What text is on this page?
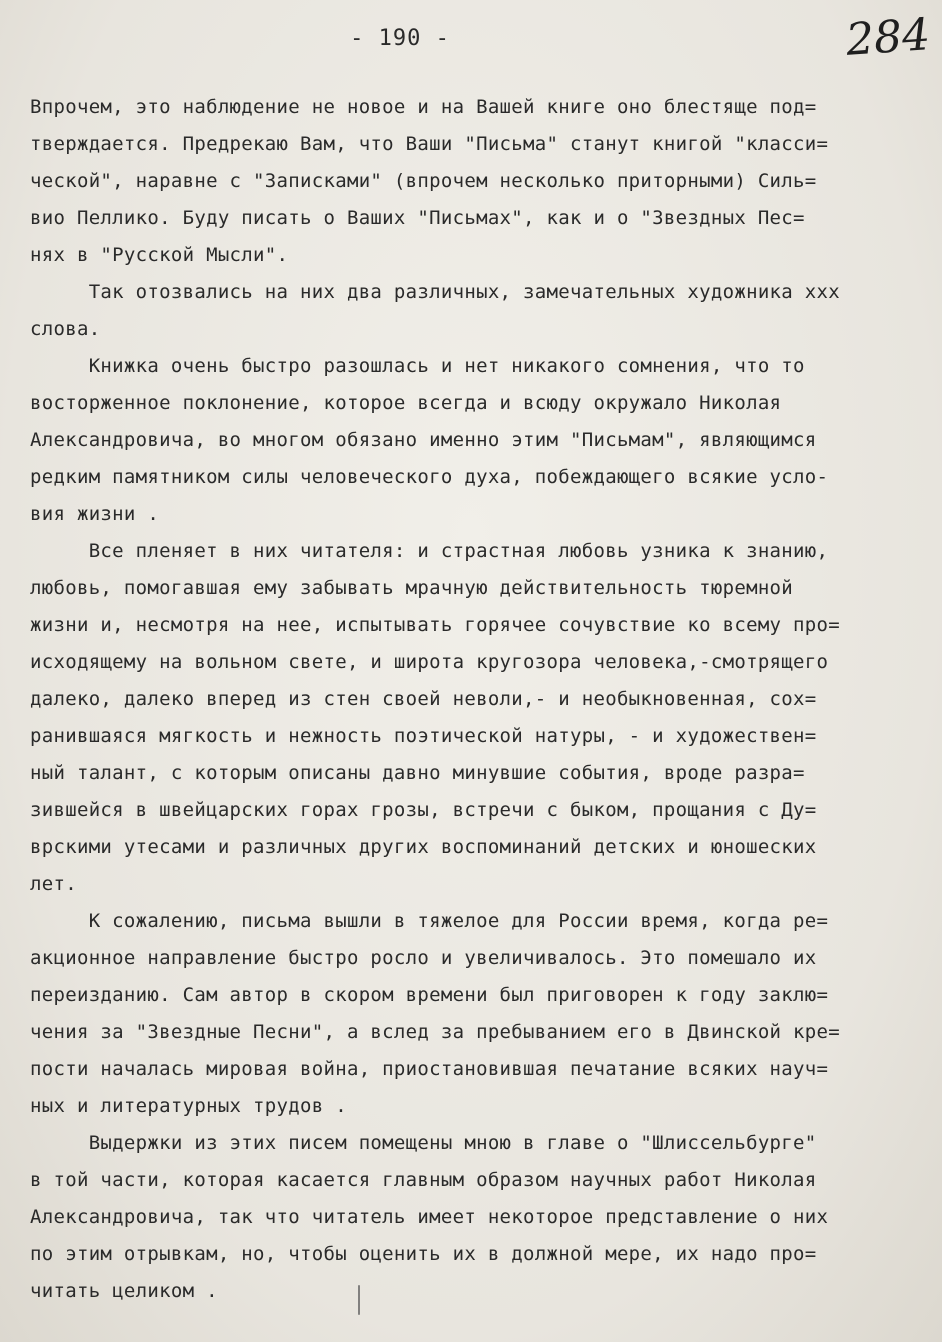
- 190 -	284
Впрочем, это наблюдение не новое и на Вашей книге оно блестяще под=
тверждается. Предрекаю Вам, что Ваши "Письма" станут книгой "класси=
ческой", наравне с "Записками" (впрочем несколько приторными) Силь=
вио Пеллико. Буду писать о Ваших "Письмах", как и о "Звездных Пес=
нях в "Русской Мысли".
Так отозвались на них два различных, замечательных художника ххх
слова.
Книжка очень быстро разошлась и нет никакого сомнения, что то
восторженное поклонение, которое всегда и всюду окружало Николая
Александровича, во многом обязано именно этим "Письмам", являющимся
редким памятником силы человеческого духа, побеждающего всякие усло-
вия жизни .
Все пленяет в них читателя: и страстная любовь узника к знанию,
любовь, помогавшая ему забывать мрачную действительность тюремной
жизни и, несмотря на нее, испытывать горячее сочувствие ко всему про=
исходящему на вольном свете, и широта кругозора человека,-смотрящего
далеко, далеко вперед из стен своей неволи,- и необыкновенная, сох=
ранившаяся мягкость и нежность поэтической натуры, - и художествен=
ный талант, с которым описаны давно минувшие события, вроде разра=
зившейся в швейцарских горах грозы, встречи с быком, прощания с Ду=
врскими утесами и различных других воспоминаний детских и юношеских
лет.
К сожалению, письма вышли в тяжелое для России время, когда ре=
акционное направление быстро росло и увеличивалось. Это помешало их
переизданию. Сам автор в скором времени был приговорен к году заклю=
чения за "Звездные Песни", а вслед за пребыванием его в Двинской кре=
пости началась мировая война, приостановившая печатание всяких науч=
ных и литературных трудов .
Выдержки из этих писем помещены мною в главе о "Шлиссельбурге"
в той части, которая касается главным образом научных работ Николая
Александровича, так что читатель имеет некоторое представление о них
по этим отрывкам, но, чтобы оценить их в должной мере, их надо про=
читать целиком .
